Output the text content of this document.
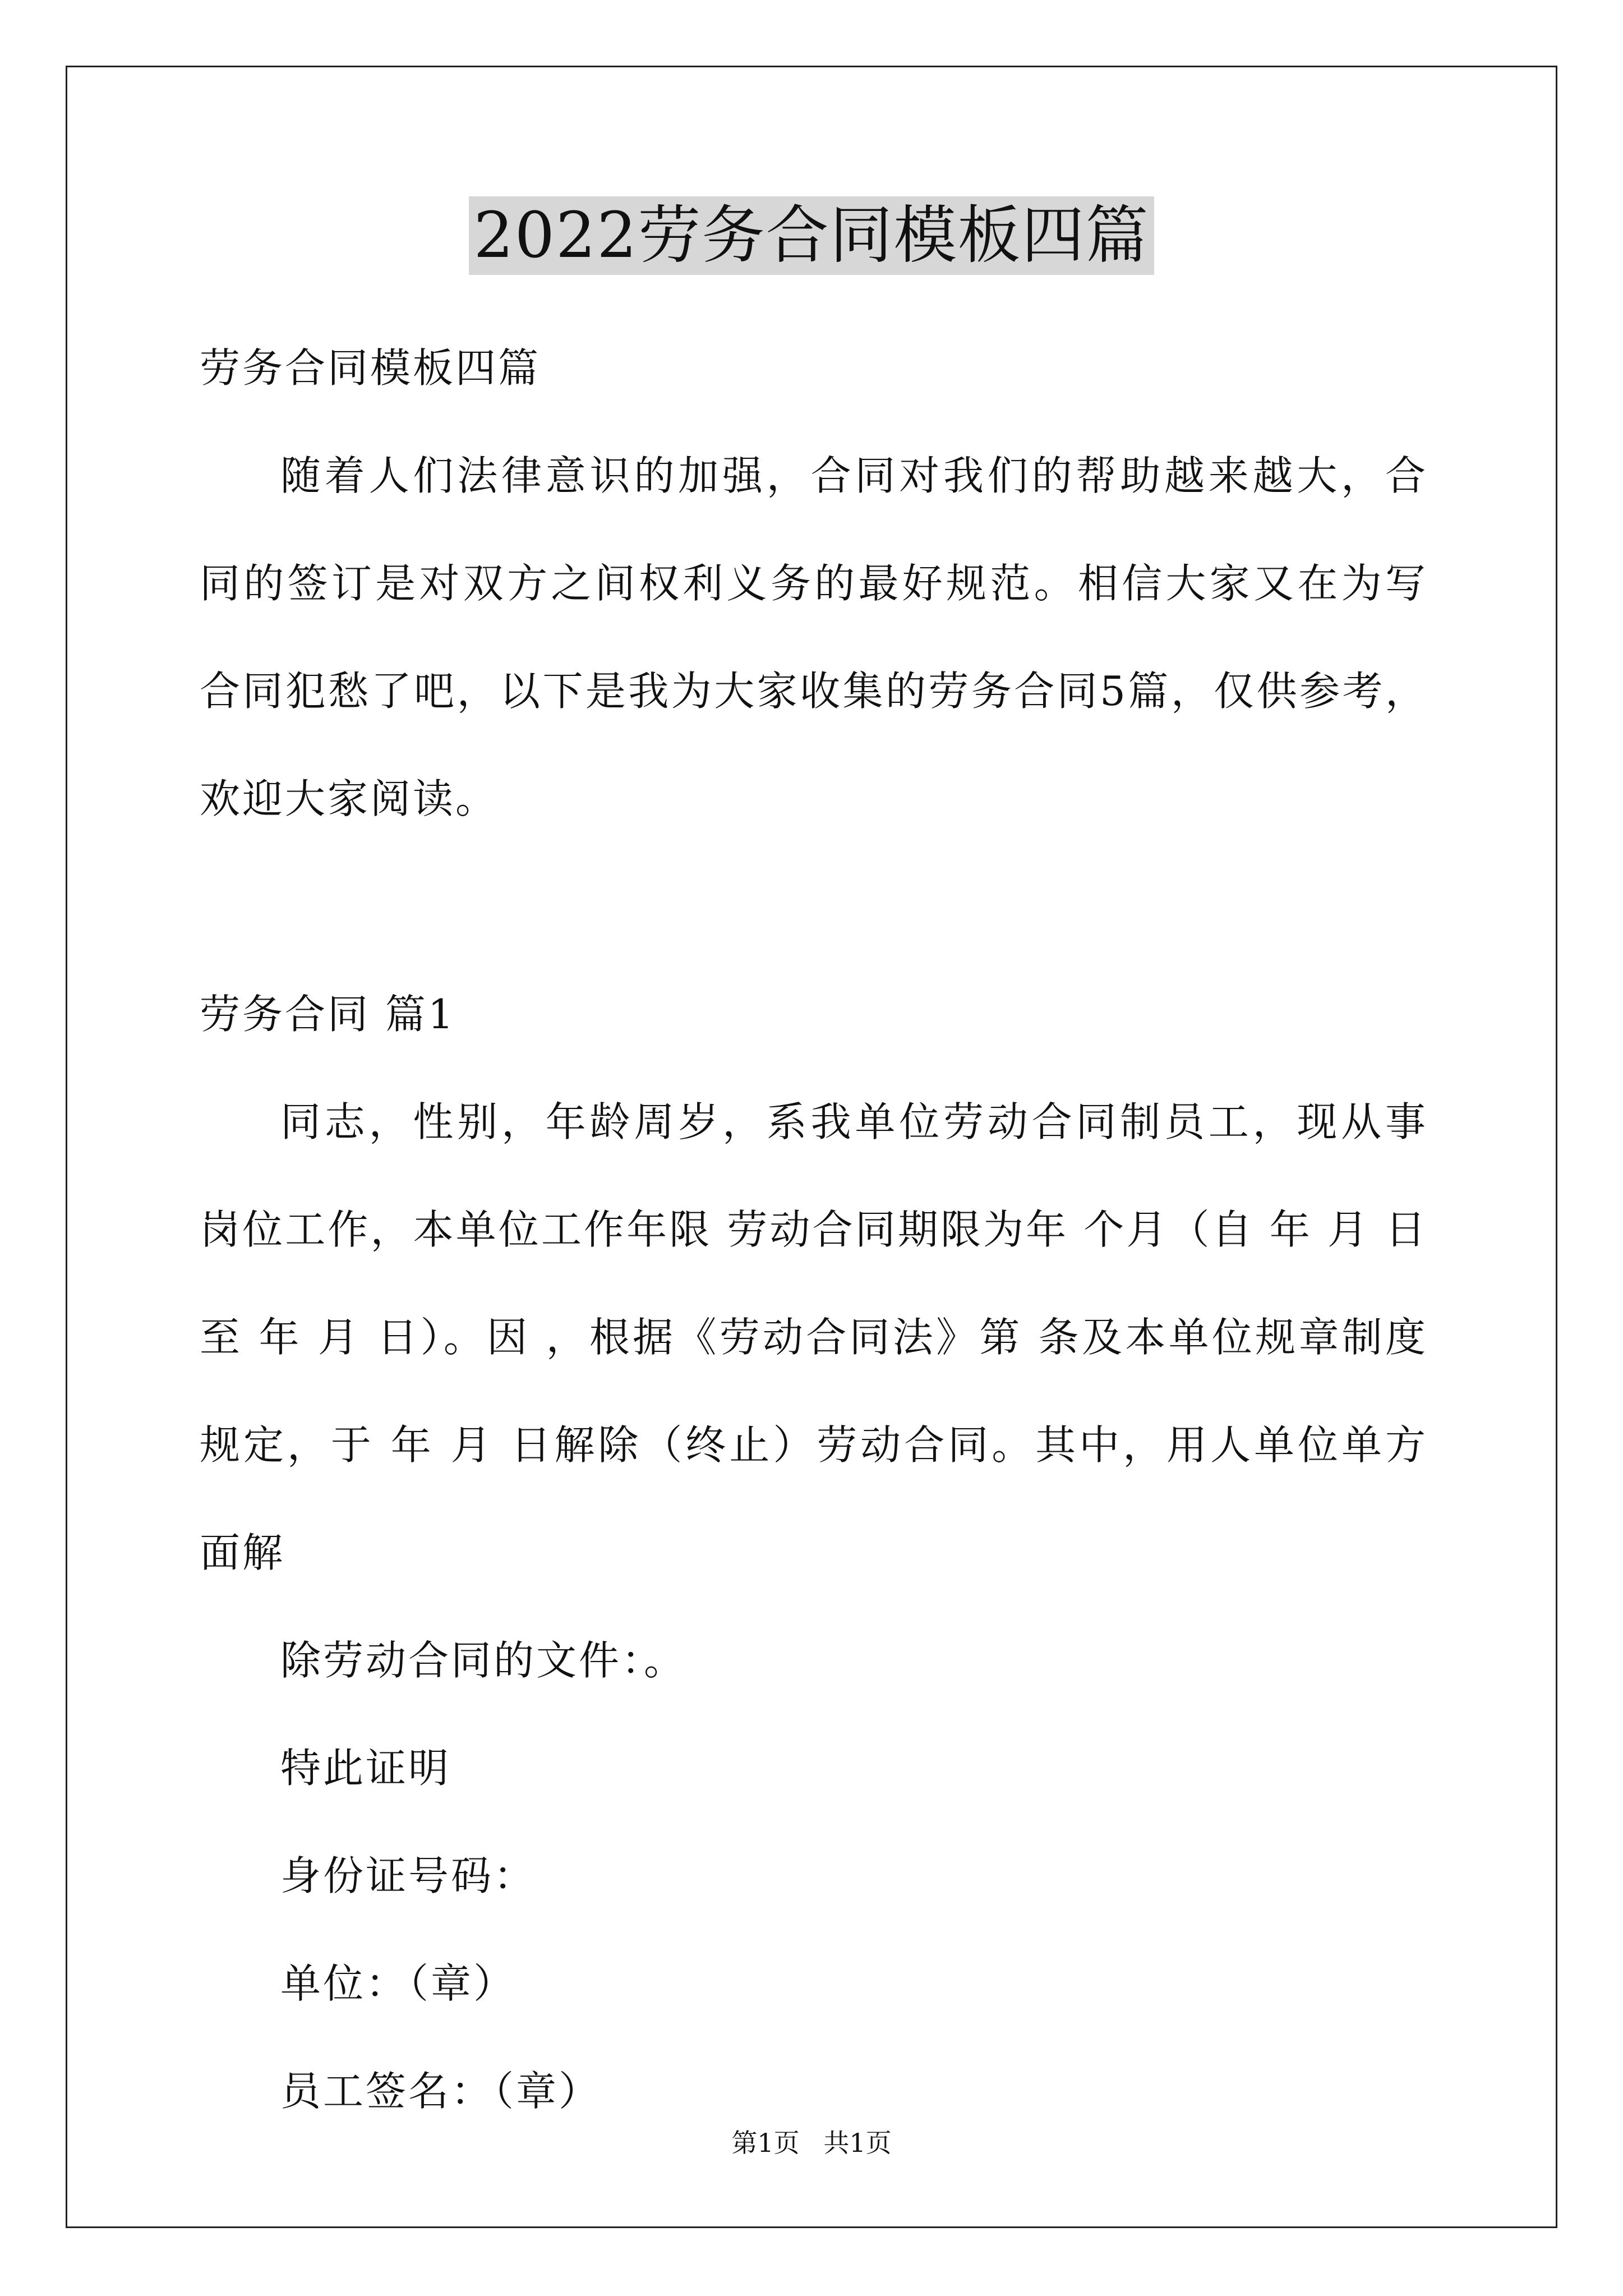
2022劳务合同模板四篇

劳务合同模板四篇

随着人们法律意识的加强，合同对我们的帮助越来越大，合同的签订是对双方之间权利义务的最好规范。相信大家又在为写合同犯愁了吧，以下是我为大家收集的劳务合同5篇，仅供参考，欢迎大家阅读。

劳务合同 篇1

同志，性别，年龄周岁，系我单位劳动合同制员工，现从事岗位工作，本单位工作年限 劳动合同期限为年 个月（自 年 月 日至 年 月 日）。因 ，根据《劳动合同法》第 条及本单位规章制度规定，于 年 月 日解除（终止）劳动合同。其中，用人单位单方面解

除劳动合同的文件：。

特此证明

身份证号码：

单位：（章）

员工签名：（章）

第1页 共1页
